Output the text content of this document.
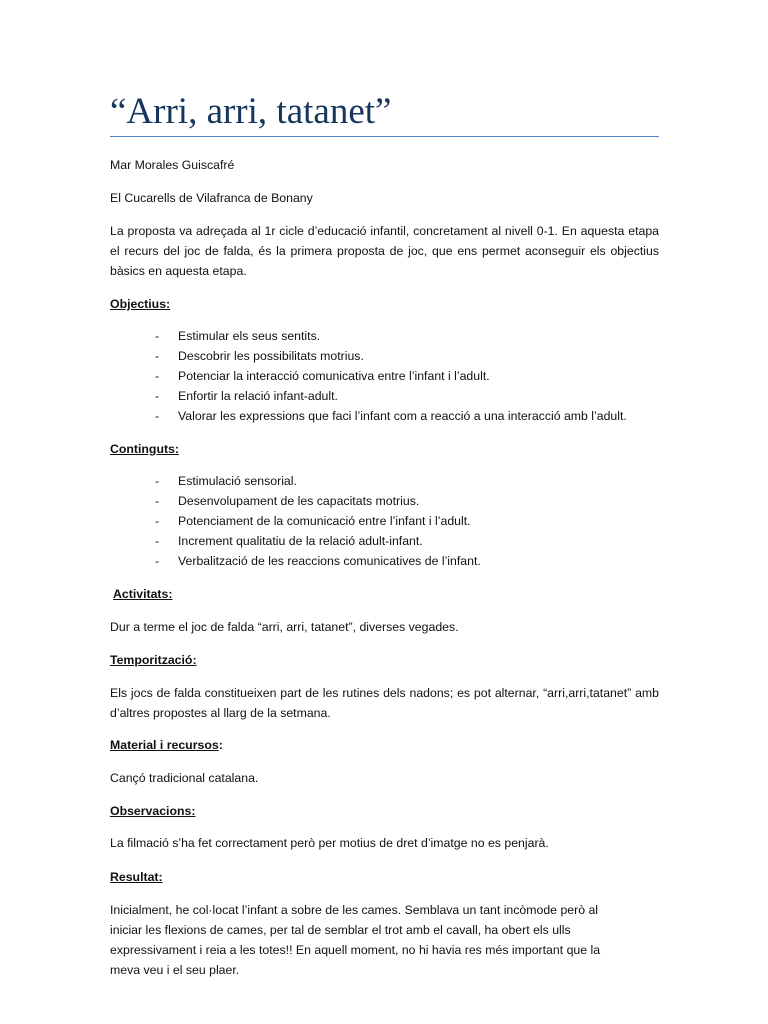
“Arri, arri, tatanet”

Mar Morales Guiscafré

El Cucarells de Vilafranca de Bonany

La proposta va adreçada al 1r cicle d’educació infantil, concretament al nivell 0-1. En aquesta etapa el recurs del joc de falda, és la primera proposta de joc, que ens permet aconseguir els objectius bàsics en aquesta etapa.

Objectius:

- Estimular els seus sentits.
- Descobrir les possibilitats motrius.
- Potenciar la interacció comunicativa entre l’infant i l’adult.
- Enfortir la relació infant-adult.
- Valorar les expressions que faci l’infant com a reacció a una interacció amb l’adult.

Continguts:

- Estimulació sensorial.
- Desenvolupament de les capacitats motrius.
- Potenciament de la comunicació entre l’infant i l’adult.
- Increment qualitatiu de la relació adult-infant.
- Verbalització de les reaccions comunicatives de l’infant.

Activitats:

Dur a terme el joc de falda “arri, arri, tatanet”, diverses vegades.

Temporització:

Els jocs de falda constitueixen part de les rutines dels nadons; es pot alternar, “arri,arri,tatanet” amb d’altres propostes al llarg de la setmana.

Material i recursos:

Cançó tradicional catalana.

Observacions:

La filmació s’ha fet correctament però per motius de dret d’imatge no es penjarà.

Resultat:

Inicialment, he col·locat l’infant a sobre de les cames. Semblava un tant incòmode però al

iniciar les flexions de cames, per tal de semblar el trot amb el cavall, ha obert els ulls

expressivament i reia a les totes!! En aquell moment, no hi havia res més important que la

meva veu i el seu plaer.
